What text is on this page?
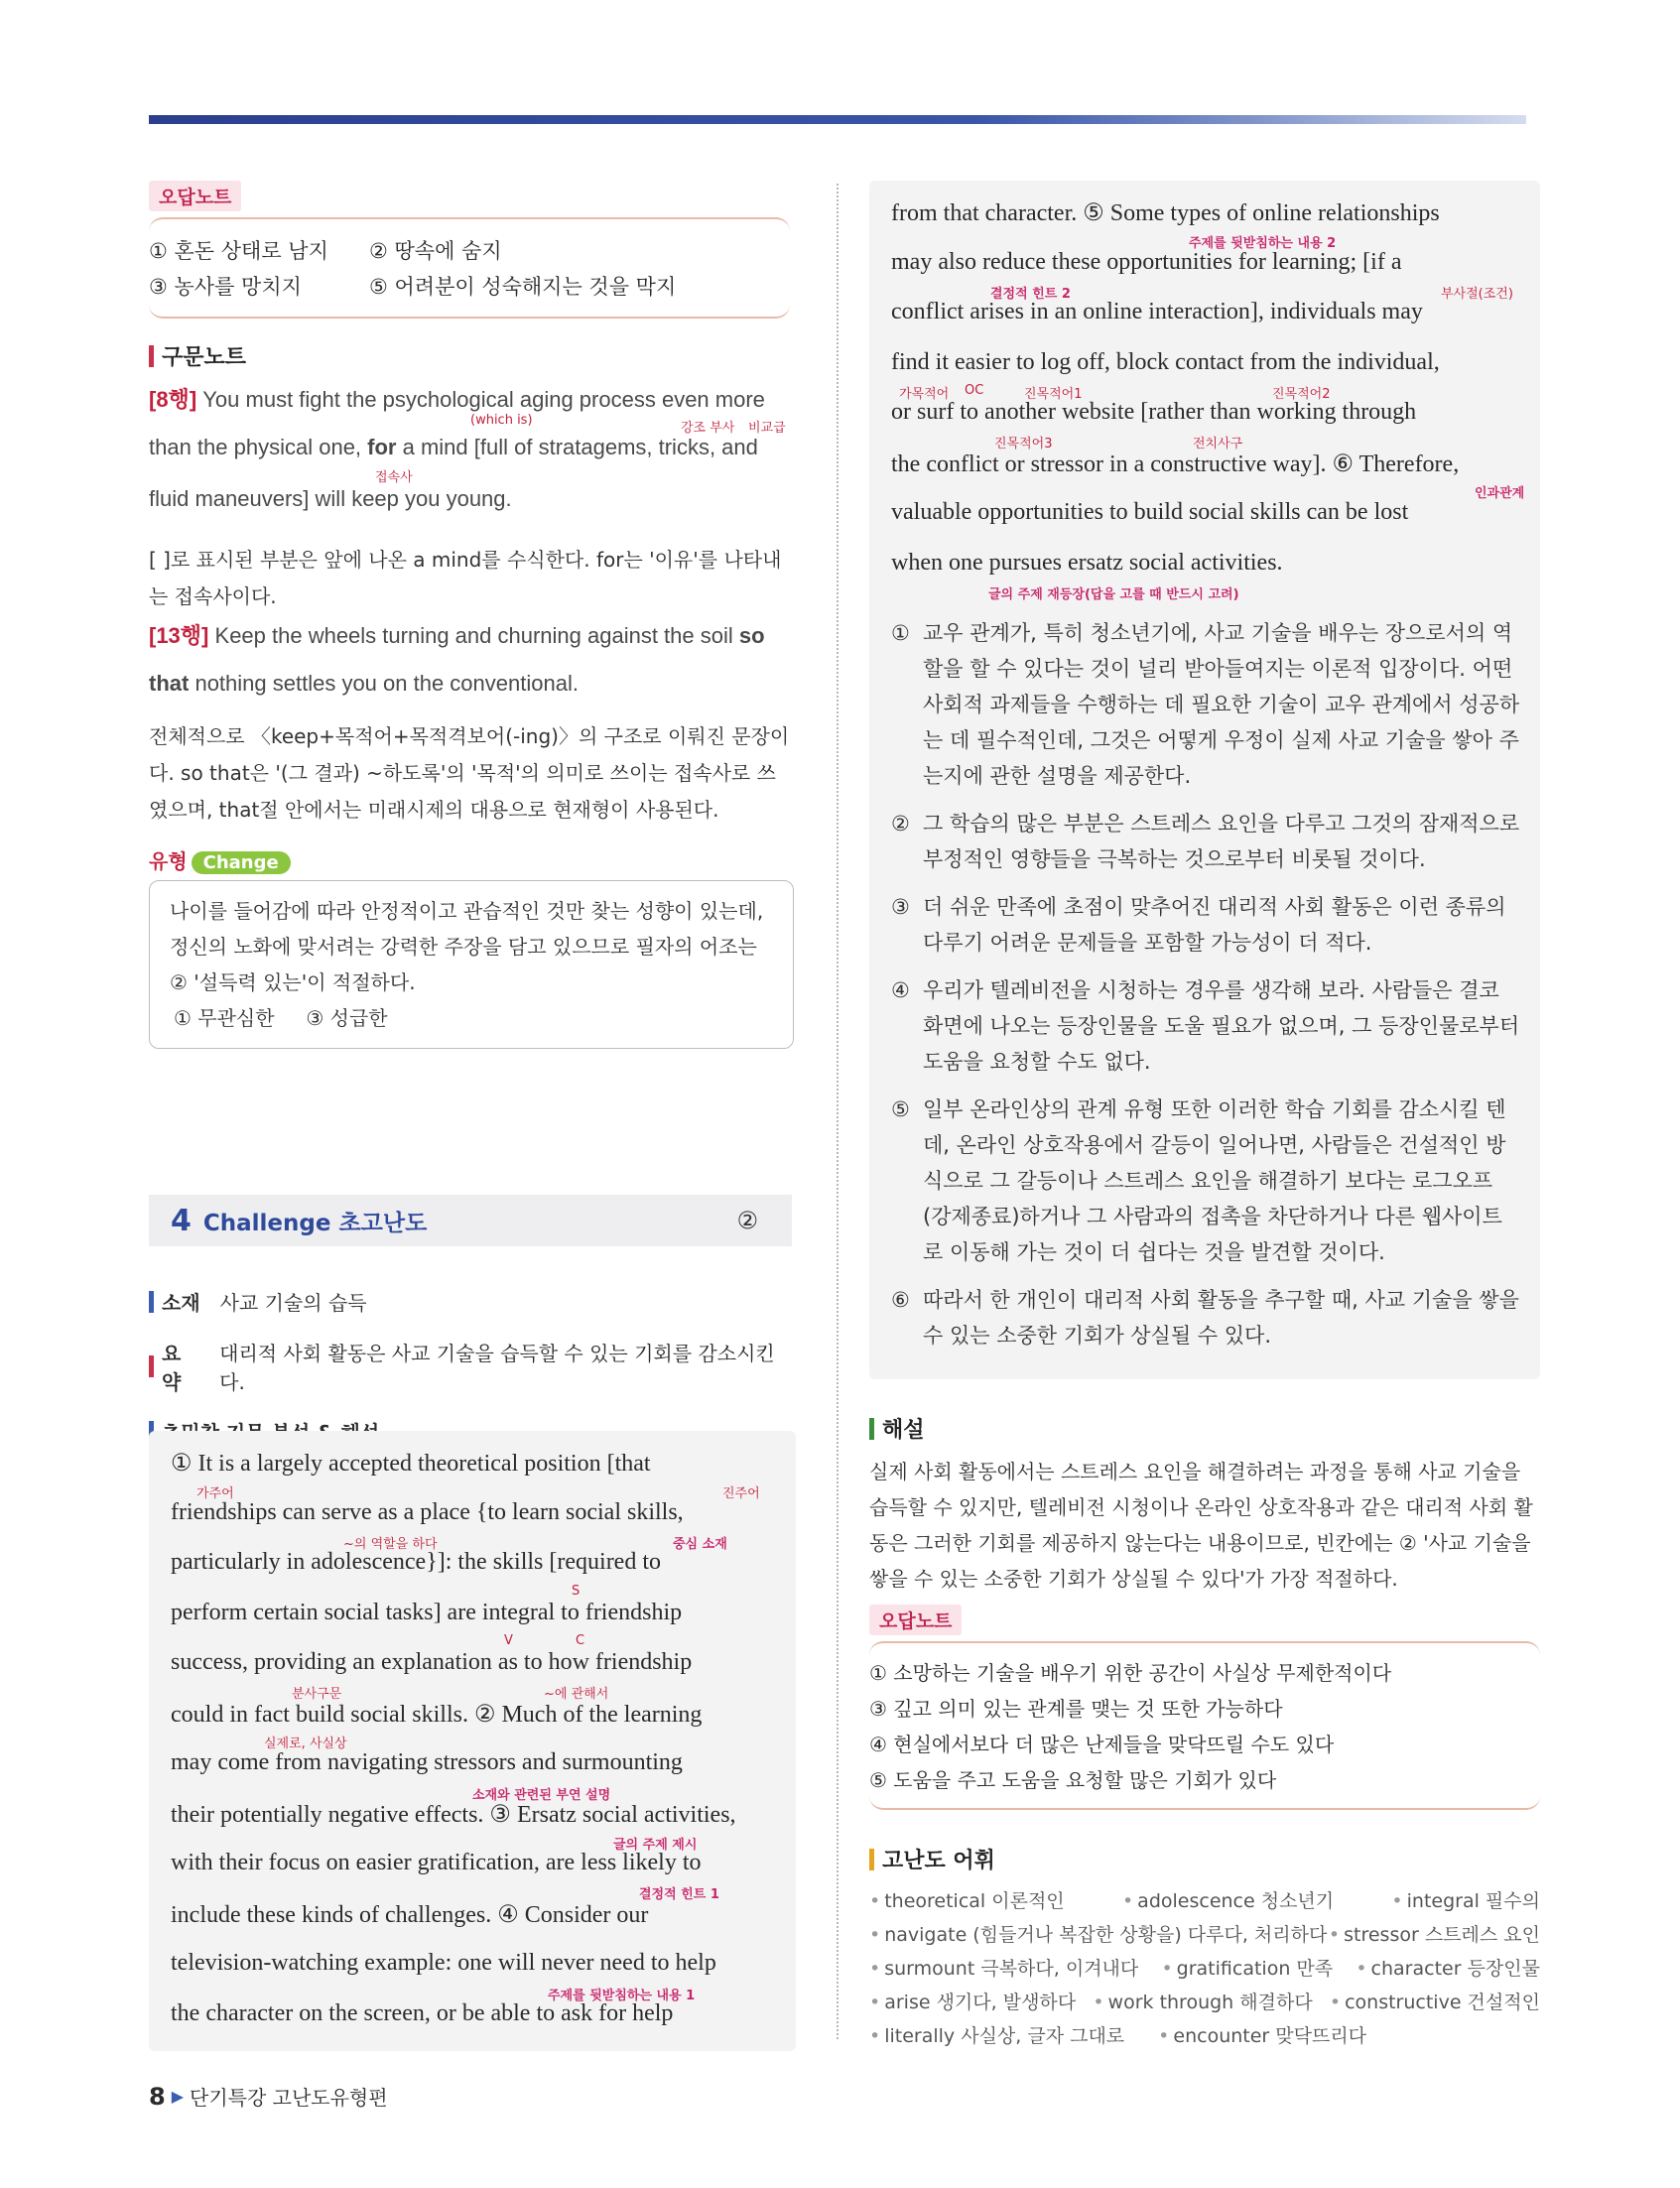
오답노트
① 혼돈 상태로 남지	② 땅속에 숨지
③ 농사를 망치지	⑤ 어려분이 성숙해지는 것을 막지
구문노트
[8행] You must fight the psychological aging process even more
(which is)
강조 부사 비교급
than the physical one, for a mind [full of stratagems, tricks, and
접속사
fluid maneuvers] will keep you young.
[ ]로 표시된 부분은 앞에 나온 a mind를 수식한다. for는 '이유'를 나타내는 접속사이다.
[13행] Keep the wheels turning and churning against the soil so
that nothing settles you on the conventional.
전체적으로 〈keep+목적어+목적격보어(-ing)〉의 구조로 이뤄진 문장이다. so that은 '(그 결과) ~하도록'의 '목적'의 의미로 쓰이는 접속사로 쓰였으며, that절 안에서는 미래시제의 대용으로 현재형이 사용된다.
유형 Change
나이를 들어감에 따라 안정적이고 관습적인 것만 찾는 성향이 있는데, 정신의 노화에 맞서려는 강력한 주장을 담고 있으므로 필자의 어조는 ② '설득력 있는'이 적절하다.
① 무관심한     ③ 성급한
4 Challenge 초고난도	②
소재 사교 기술의 습득
요약
대리적 사회 활동은 사교 기술을 습득할 수 있는 기회를 감소시킨다.
① It is a largely accepted theoretical position [that
friendships can serve as a place {to learn social skills,
particularly in adolescence}]: the skills [required to
perform certain social tasks] are integral to friendship
success, providing an explanation as to how friendship
could in fact build social skills. ② Much of the learning
may come from navigating stressors and surmounting
their potentially negative effects. ③ Ersatz social activities,
with their focus on easier gratification, are less likely to
include these kinds of challenges. ④ Consider our
television-watching example: one will never need to help
the character on the screen, or be able to ask for help
가주어	진주어
~의 역할을 하다	중심 소재
S
V	C
분사구문	~에 관해서
실제로, 사실상
소재와 관련된 부연 설명
글의 주제 제시
결정적 힌트 1
주제를 뒷받침하는 내용 1
from that character. ⑤ Some types of online relationships
may also reduce these opportunities for learning; [if a
conflict arises in an online interaction], individuals may
find it easier to log off, block contact from the individual,
or surf to another website [rather than working through
the conflict or stressor in a constructive way]. ⑥ Therefore,
valuable opportunities to build social skills can be lost
when one pursues ersatz social activities.
주제를 뒷받침하는 내용 2
결정적 힌트 2	부사절(조건)
가목적어 OC	진목적어1	진목적어2
진목적어3	전치사구
인과관계
글의 주제 재등장(답을 고를 때 반드시 고려)
① 교우 관계가, 특히 청소년기에, 사교 기술을 배우는 장으로서의 역할을 할 수 있다는 것이 널리 받아들여지는 이론적 입장이다. 어떤 사회적 과제들을 수행하는 데 필요한 기술이 교우 관계에서 성공하는 데 필수적인데, 그것은 어떻게 우정이 실제 사교 기술을 쌓아 주는지에 관한 설명을 제공한다.
② 그 학습의 많은 부분은 스트레스 요인을 다루고 그것의 잠재적으로 부정적인 영향들을 극복하는 것으로부터 비롯될 것이다.
③ 더 쉬운 만족에 초점이 맞추어진 대리적 사회 활동은 이런 종류의 다루기 어려운 문제들을 포함할 가능성이 더 적다.
④ 우리가 텔레비전을 시청하는 경우를 생각해 보라. 사람들은 결코 화면에 나오는 등장인물을 도울 필요가 없으며, 그 등장인물로부터 도움을 요청할 수도 없다.
⑤ 일부 온라인상의 관계 유형 또한 이러한 학습 기회를 감소시킬 텐데, 온라인 상호작용에서 갈등이 일어나면, 사람들은 건설적인 방식으로 그 갈등이나 스트레스 요인을 해결하기 보다는 로그오프(강제종료)하거나 그 사람과의 접촉을 차단하거나 다른 웹사이트로 이동해 가는 것이 더 쉽다는 것을 발견할 것이다.
⑥ 따라서 한 개인이 대리적 사회 활동을 추구할 때, 사교 기술을 쌓을 수 있는 소중한 기회가 상실될 수 있다.
해설
실제 사회 활동에서는 스트레스 요인을 해결하려는 과정을 통해 사교 기술을 습득할 수 있지만, 텔레비전 시청이나 온라인 상호작용과 같은 대리적 사회 활동은 그러한 기회를 제공하지 않는다는 내용이므로, 빈칸에는 ② '사교 기술을 쌓을 수 있는 소중한 기회가 상실될 수 있다'가 가장 적절하다.
오답노트
① 소망하는 기술을 배우기 위한 공간이 사실상 무제한적이다
③ 깊고 의미 있는 관계를 맺는 것 또한 가능하다
④ 현실에서보다 더 많은 난제들을 맞닥뜨릴 수도 있다
⑤ 도움을 주고 도움을 요청할 많은 기회가 있다
고난도 어휘
• theoretical 이론적인	• adolescence 청소년기	• integral 필수의
• navigate (힘들거나 복잡한 상황을) 다루다, 처리하다 • stressor 스트레스 요인
• surmount 극복하다, 이겨내다	• gratification 만족	• character 등장인물
• arise 생기다, 발생하다	• work through 해결하다	• constructive 건설적인
• literally 사실상, 글자 그대로	• encounter 맞닥뜨리다
8 ▶ 단기특강 고난도유형편
